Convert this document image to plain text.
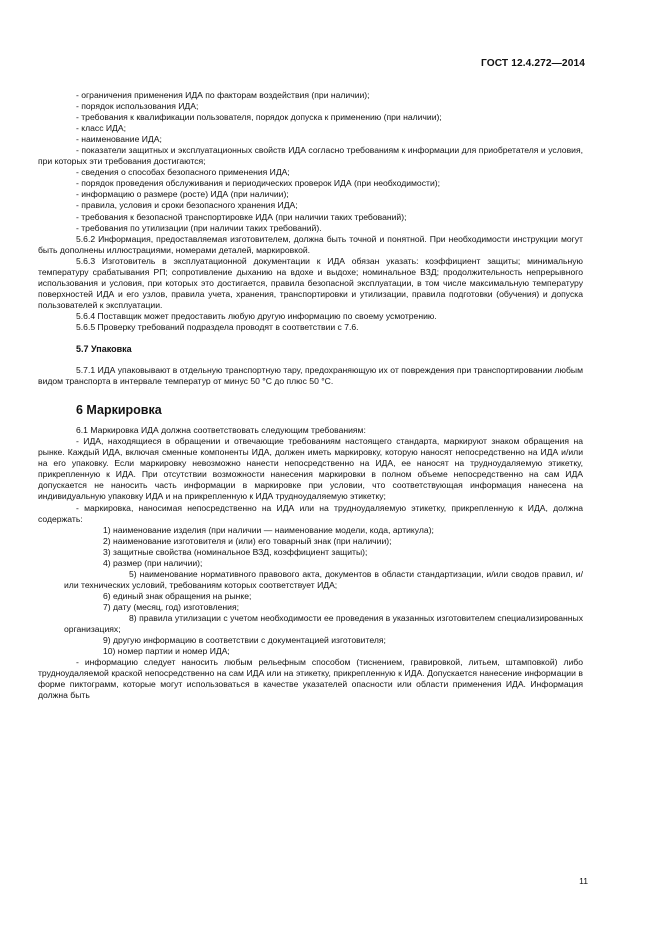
ГОСТ 12.4.272—2014

- ограничения применения ИДА по факторам воздействия (при наличии);

- порядок использования ИДА;

- требования к квалификации пользователя, порядок допуска к применению (при наличии);

- класс ИДА;

- наименование ИДА;

- показатели защитных и эксплуатационных свойств ИДА согласно требованиям к информации для приобретателя и условия, при которых эти требования достигаются;

- сведения о способах безопасного применения ИДА;

- порядок проведения обслуживания и периодических проверок ИДА (при необходимости);

- информацию о размере (росте) ИДА (при наличии);

- правила, условия и сроки безопасного хранения ИДА;

- требования к безопасной транспортировке ИДА (при наличии таких требований);

- требования по утилизации (при наличии таких требований).

5.6.2 Информация, предоставляемая изготовителем, должна быть точной и понятной. При необходимости инструкции могут быть дополнены иллюстрациями, номерами деталей, маркировкой.

5.6.3 Изготовитель в эксплуатационной документации к ИДА обязан указать: коэффициент защиты; минимальную температуру срабатывания РП; сопротивление дыханию на вдохе и выдохе; номинальное ВЗД; продолжительность непрерывного использования и условия, при которых это достигается, правила безопасной эксплуатации, в том числе максимальную температуру поверхностей ИДА и его узлов, правила учета, хранения, транспортировки и утилизации, правила подготовки (обучения) и допуска пользователей к эксплуатации.

5.6.4 Поставщик может предоставить любую другую информацию по своему усмотрению.

5.6.5 Проверку требований подраздела проводят в соответствии с 7.6.

5.7 Упаковка

5.7.1 ИДА упаковывают в отдельную транспортную тару, предохраняющую их от повреждения при транспортировании любым видом транспорта в интервале температур от минус 50 °С до плюс 50 °С.

6 Маркировка

6.1 Маркировка ИДА должна соответствовать следующим требованиям:

- ИДА, находящиеся в обращении и отвечающие требованиям настоящего стандарта, маркируют знаком обращения на рынке. Каждый ИДА, включая сменные компоненты ИДА, должен иметь маркировку, которую наносят непосредственно на ИДА и/или на его упаковку. Если маркировку невозможно нанести непосредственно на ИДА, ее наносят на трудноудаляемую этикетку, прикрепленную к ИДА. При отсутствии возможности нанесения маркировки в полном объеме непосредственно на сам ИДА допускается не наносить часть информации в маркировке при условии, что соответствующая информация нанесена на индивидуальную упаковку ИДА и на прикрепленную к ИДА трудноудаляемую этикетку;

- маркировка, наносимая непосредственно на ИДА или на трудноудаляемую этикетку, прикрепленную к ИДА, должна содержать:

1) наименование изделия (при наличии — наименование модели, кода, артикула);

2) наименование изготовителя и (или) его товарный знак (при наличии);

3) защитные свойства (номинальное ВЗД, коэффициент защиты);

4) размер (при наличии);

5) наименование нормативного правового акта, документов в области стандартизации, и/или сводов правил, и/или технических условий, требованиям которых соответствует ИДА;

6) единый знак обращения на рынке;

7) дату (месяц, год) изготовления;

8) правила утилизации с учетом необходимости ее проведения в указанных изготовителем специализированных организациях;

9) другую информацию в соответствии с документацией изготовителя;

10) номер партии и номер ИДА;

- информацию следует наносить любым рельефным способом (тиснением, гравировкой, литьем, штамповкой) либо трудноудаляемой краской непосредственно на сам ИДА или на этикетку, прикрепленную к ИДА. Допускается нанесение информации в форме пиктограмм, которые могут использоваться в качестве указателей опасности или области применения ИДА. Информация должна быть

11
